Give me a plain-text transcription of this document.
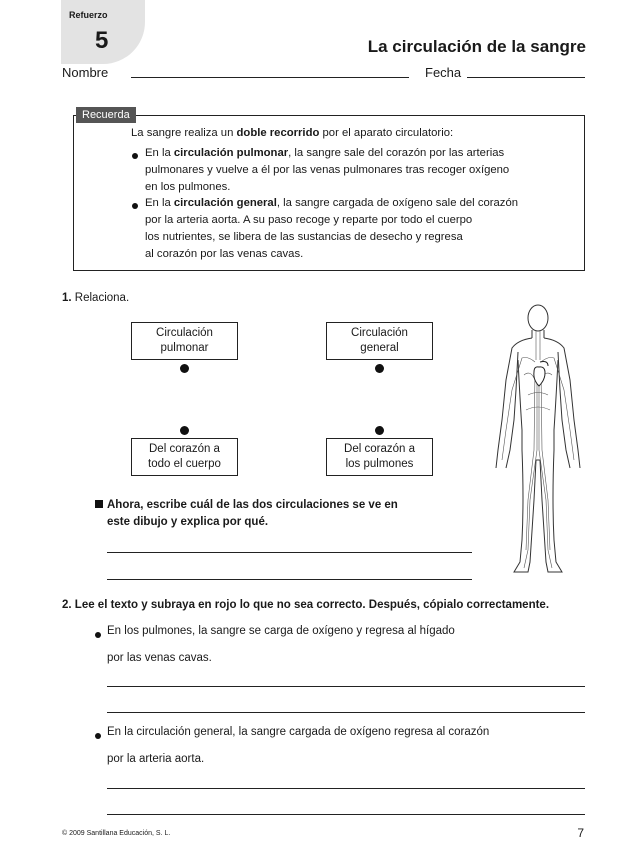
Refuerzo
5	La circulación de la sangre
Nombre	Fecha
Recuerda
La sangre realiza un doble recorrido por el aparato circulatorio:
En la circulación pulmonar, la sangre sale del corazón por las arterias
pulmonares y vuelve a él por las venas pulmonares tras recoger oxígeno
en los pulmones.
En la circulación general, la sangre cargada de oxígeno sale del corazón
por la arteria aorta. A su paso recoge y reparte por todo el cuerpo
los nutrientes, se libera de las sustancias de desecho y regresa
al corazón por las venas cavas.
1. Relaciona.
Circulación
pulmonar
Circulación
general
Del corazón a
todo el cuerpo
Del corazón a
los pulmones
Ahora, escribe cuál de las dos circulaciones se ve en
este dibujo y explica por qué.
2. Lee el texto y subraya en rojo lo que no sea correcto. Después, cópialo correctamente.
En los pulmones, la sangre se carga de oxígeno y regresa al hígado
por las venas cavas.
En la circulación general, la sangre cargada de oxígeno regresa al corazón
por la arteria aorta.
© 2009 Santillana Educación, S. L.	7
